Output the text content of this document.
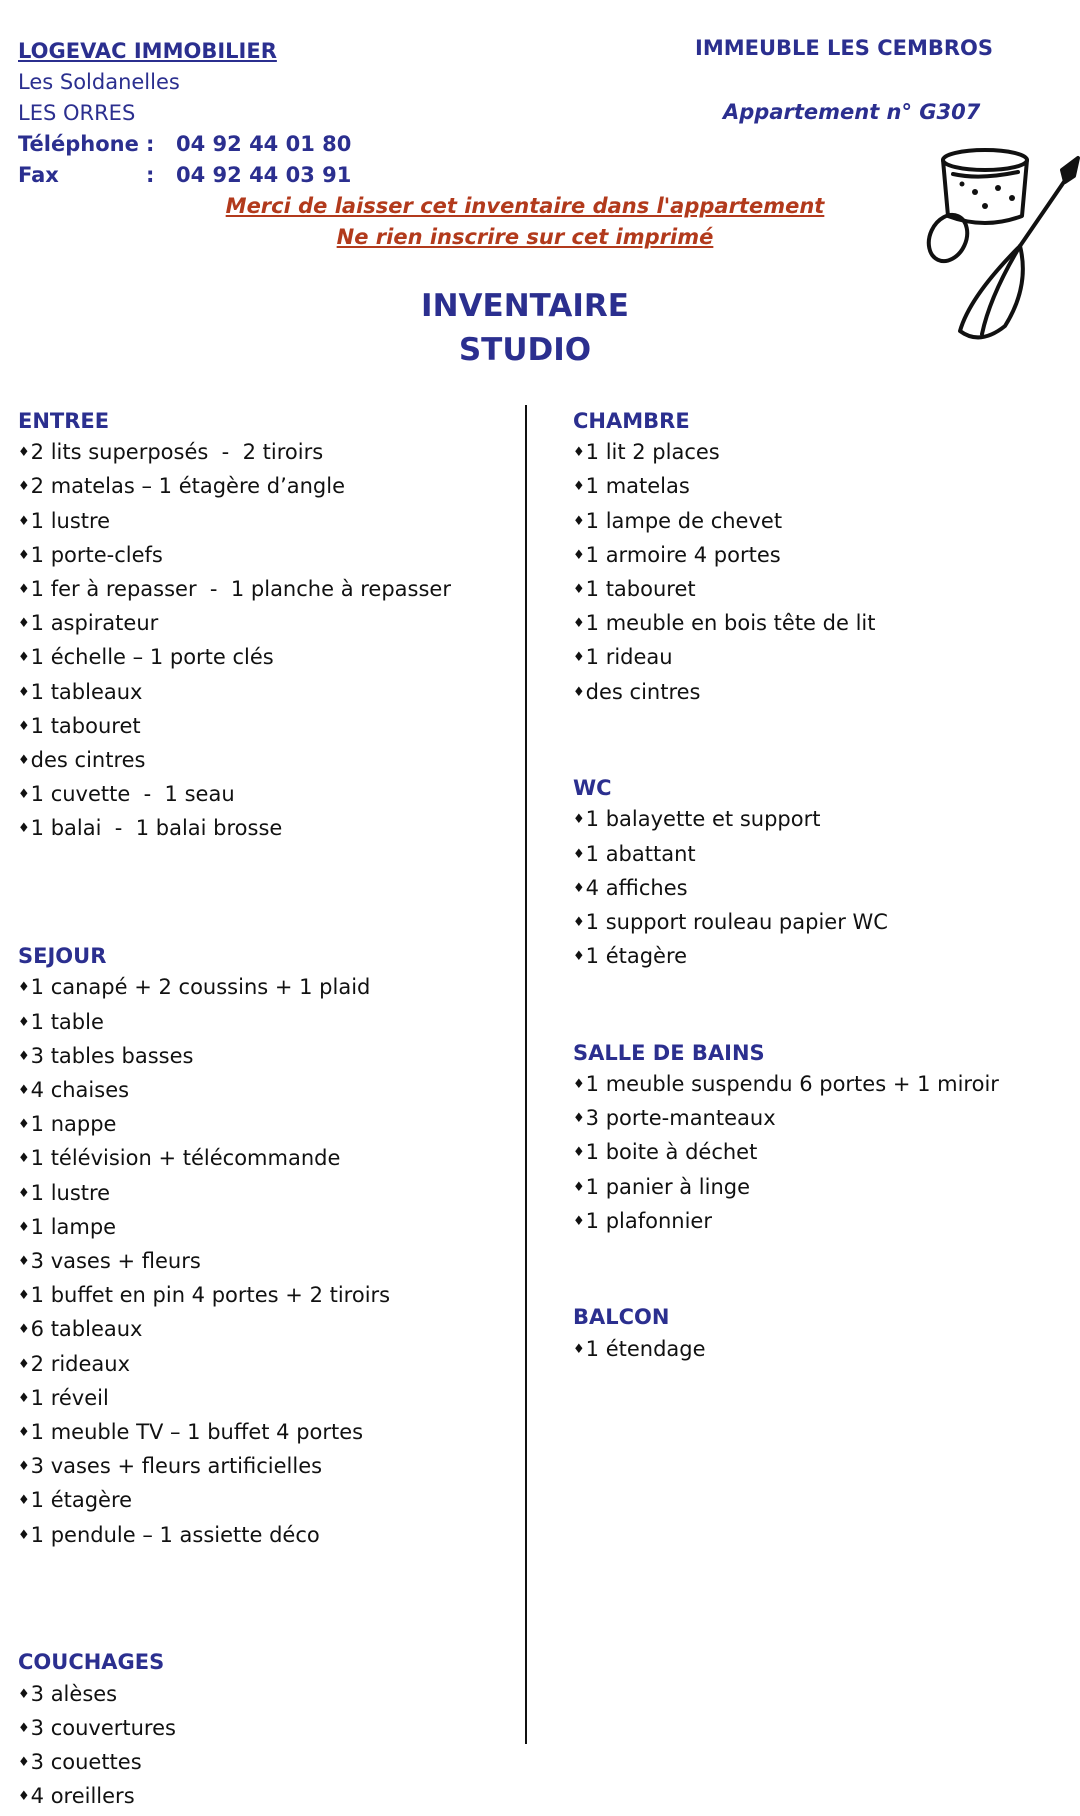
LOGEVAC IMMOBILIER
Les Soldanelles
LES ORRES
Téléphone : 04 92 44 01 80
Fax	: 04 92 44 03 91
IMMEUBLE LES CEMBROS
Appartement n° G307
Merci de laisser cet inventaire dans l'appartement
Ne rien inscrire sur cet imprimé
INVENTAIRE
STUDIO
ENTREE
♦ 2 lits superposés  -  2 tiroirs
♦ 2 matelas – 1 étagère d’angle
♦ 1 lustre
♦ 1 porte-clefs
♦ 1 fer à repasser  -  1 planche à repasser
♦ 1 aspirateur
♦ 1 échelle – 1 porte clés
♦ 1 tableaux
♦ 1 tabouret
♦ des cintres
♦ 1 cuvette  -  1 seau
♦ 1 balai  -  1 balai brosse
SEJOUR
♦ 1 canapé + 2 coussins + 1 plaid
♦ 1 table
♦ 3 tables basses
♦ 4 chaises
♦ 1 nappe
♦ 1 télévision + télécommande
♦ 1 lustre
♦ 1 lampe
♦ 3 vases + fleurs
♦ 1 buffet en pin 4 portes + 2 tiroirs
♦ 6 tableaux
♦ 2 rideaux
♦ 1 réveil
♦ 1 meuble TV – 1 buffet 4 portes
♦ 3 vases + fleurs artificielles
♦ 1 étagère
♦ 1 pendule – 1 assiette déco
COUCHAGES
♦ 3 alèses
♦ 3 couvertures
♦ 3 couettes
♦ 4 oreillers
CHAMBRE
♦ 1 lit 2 places
♦ 1 matelas
♦ 1 lampe de chevet
♦ 1 armoire 4 portes
♦ 1 tabouret
♦ 1 meuble en bois tête de lit
♦ 1 rideau
♦ des cintres
WC
♦ 1 balayette et support
♦ 1 abattant
♦ 4 affiches
♦ 1 support rouleau papier WC
♦ 1 étagère
SALLE DE BAINS
♦ 1 meuble suspendu 6 portes + 1 miroir
♦ 3 porte-manteaux
♦ 1 boite à déchet
♦ 1 panier à linge
♦ 1 plafonnier
BALCON
♦ 1 étendage
